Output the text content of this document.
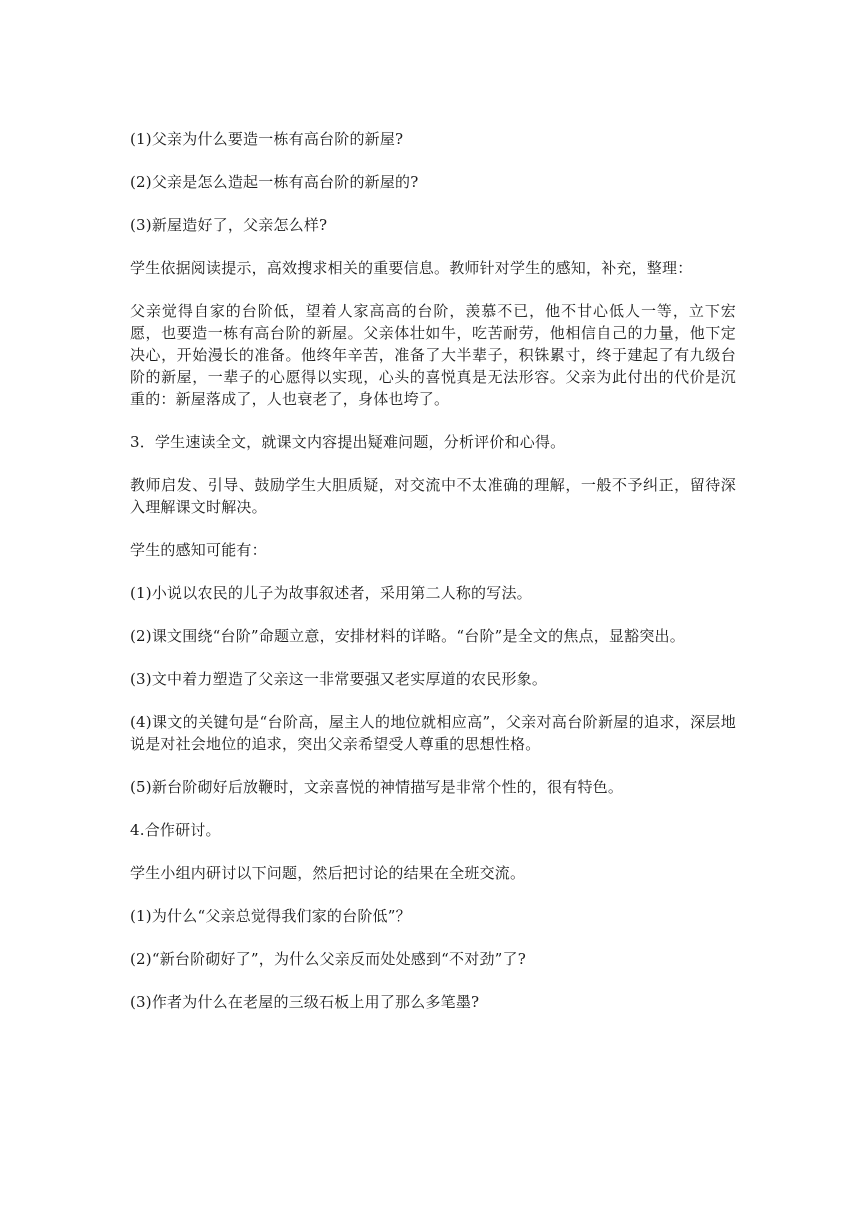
(1)父亲为什么要造一栋有高台阶的新屋?

(2)父亲是怎么造起一栋有高台阶的新屋的?

(3)新屋造好了，父亲怎么样?

学生依据阅读提示，高效搜求相关的重要信息。教师针对学生的感知，补充，整理：

父亲觉得自家的台阶低，望着人家高高的台阶，羡慕不已，他不甘心低人一等，立下宏愿，也要造一栋有高台阶的新屋。父亲体壮如牛，吃苦耐劳，他相信自己的力量，他下定决心，开始漫长的准备。他终年辛苦，准备了大半辈子，积铢累寸，终于建起了有九级台阶的新屋，一辈子的心愿得以实现，心头的喜悦真是无法形容。父亲为此付出的代价是沉重的：新屋落成了，人也衰老了，身体也垮了。

3．学生速读全文，就课文内容提出疑难问题，分析评价和心得。

教师启发、引导、鼓励学生大胆质疑，对交流中不太准确的理解，一般不予纠正，留待深入理解课文时解决。

学生的感知可能有：

(1)小说以农民的儿子为故事叙述者，采用第二人称的写法。

(2)课文围绕“台阶”命题立意，安排材料的详略。“台阶”是全文的焦点，显豁突出。

(3)文中着力塑造了父亲这一非常要强又老实厚道的农民形象。

(4)课文的关键句是“台阶高，屋主人的地位就相应高”，父亲对高台阶新屋的追求，深层地说是对社会地位的追求，突出父亲希望受人尊重的思想性格。

(5)新台阶砌好后放鞭时，文亲喜悦的神情描写是非常个性的，很有特色。

4.合作研讨。

学生小组内研讨以下问题，然后把讨论的结果在全班交流。

(1)为什么“父亲总觉得我们家的台阶低”？

(2)“新台阶砌好了”，为什么父亲反而处处感到“不对劲”了?

(3)作者为什么在老屋的三级石板上用了那么多笔墨?
